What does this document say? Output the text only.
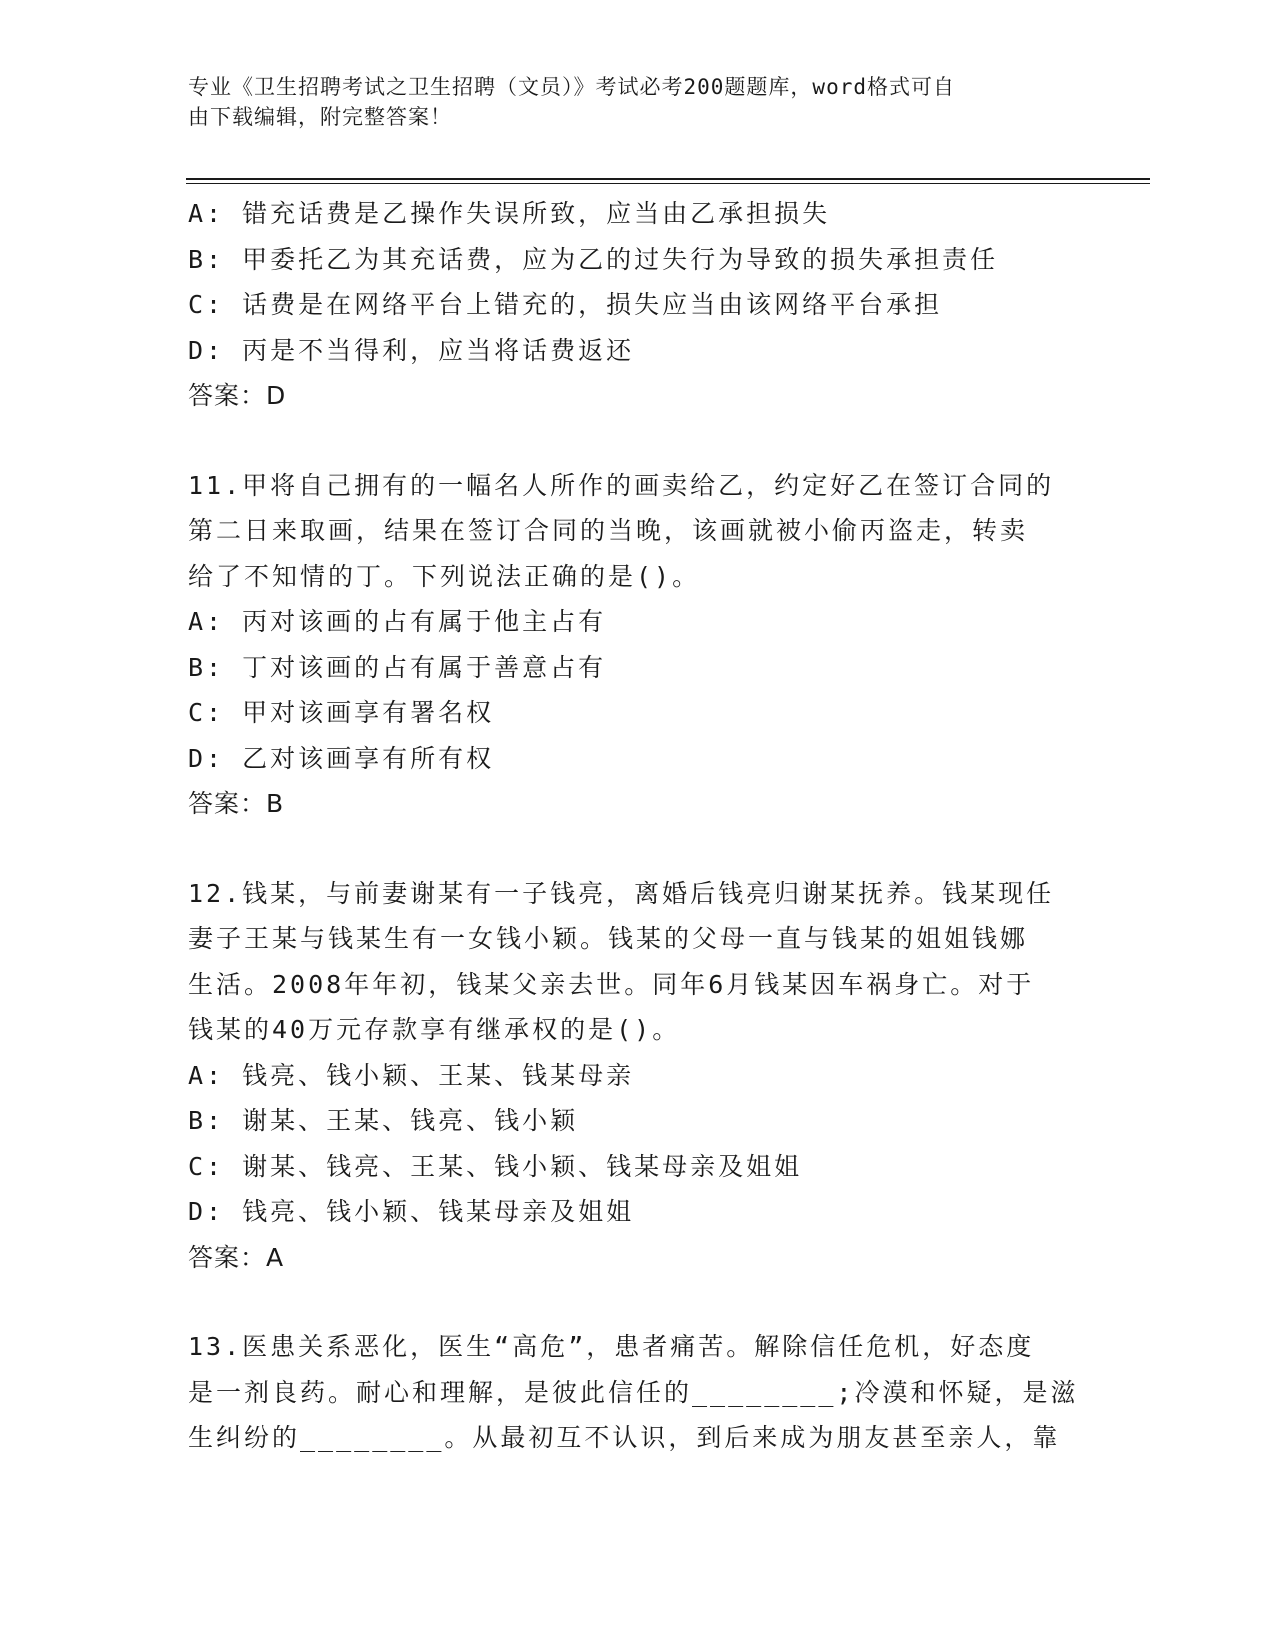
专业《卫生招聘考试之卫生招聘（文员）》考试必考200题题库，word格式可自
由下载编辑，附完整答案！
A: 错充话费是乙操作失误所致，应当由乙承担损失
B: 甲委托乙为其充话费，应为乙的过失行为导致的损失承担责任
C: 话费是在网络平台上错充的，损失应当由该网络平台承担
D: 丙是不当得利，应当将话费返还
答案：D
11.甲将自己拥有的一幅名人所作的画卖给乙，约定好乙在签订合同的
第二日来取画，结果在签订合同的当晚，该画就被小偷丙盗走，转卖
给了不知情的丁。下列说法正确的是()。
A: 丙对该画的占有属于他主占有
B: 丁对该画的占有属于善意占有
C: 甲对该画享有署名权
D: 乙对该画享有所有权
答案：B
12.钱某，与前妻谢某有一子钱亮，离婚后钱亮归谢某抚养。钱某现任
妻子王某与钱某生有一女钱小颖。钱某的父母一直与钱某的姐姐钱娜
生活。2008年年初，钱某父亲去世。同年6月钱某因车祸身亡。对于
钱某的40万元存款享有继承权的是()。
A: 钱亮、钱小颖、王某、钱某母亲
B: 谢某、王某、钱亮、钱小颖
C: 谢某、钱亮、王某、钱小颖、钱某母亲及姐姐
D: 钱亮、钱小颖、钱某母亲及姐姐
答案：A
13.医患关系恶化，医生“高危”，患者痛苦。解除信任危机，好态度
是一剂良药。耐心和理解，是彼此信任的________;冷漠和怀疑，是滋
生纠纷的________。从最初互不认识，到后来成为朋友甚至亲人，靠
